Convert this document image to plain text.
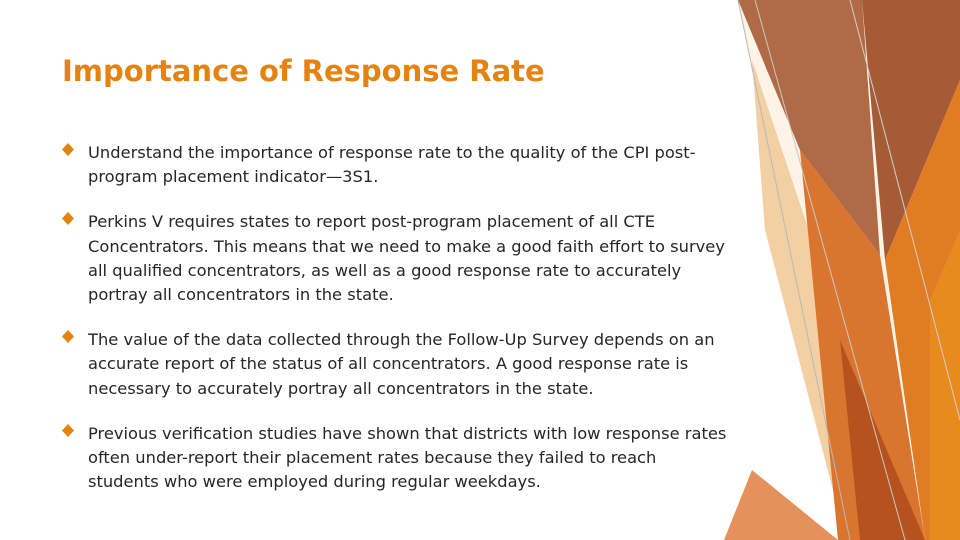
Importance of Response Rate
Understand the importance of response rate to the quality of the CPI post-program placement indicator—3S1.
Perkins V requires states to report post-program placement of all CTE Concentrators. This means that we need to make a good faith effort to survey all qualified concentrators, as well as a good response rate to accurately portray all concentrators in the state.
The value of the data collected through the Follow-Up Survey depends on an accurate report of the status of all concentrators. A good response rate is necessary to accurately portray all concentrators in the state.
Previous verification studies have shown that districts with low response rates often under-report their placement rates because they failed to reach students who were employed during regular weekdays.
